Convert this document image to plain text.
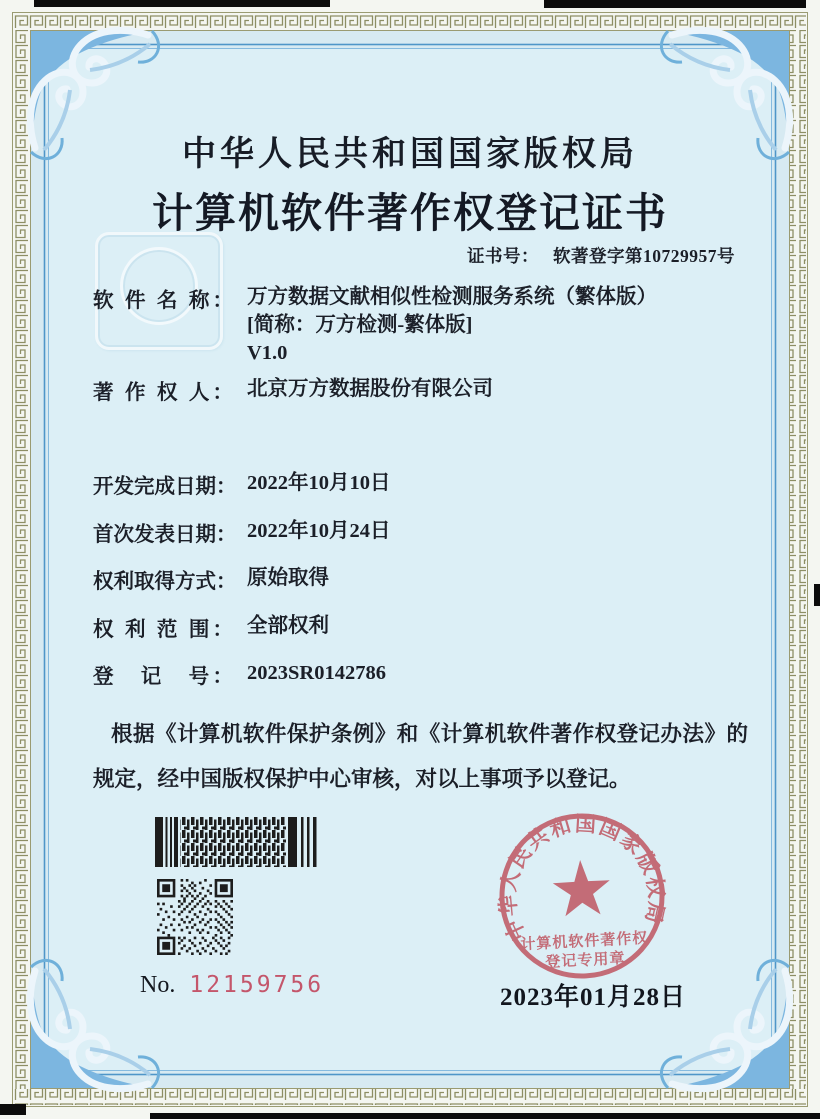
中华人民共和国国家版权局
计算机软件著作权登记证书
证书号： 软著登字第10729957号
软 件 名 称： 万方数据文献相似性检测服务系统（繁体版）
[简称：万方检测-繁体版]
V1.0
著 作 权 人： 北京万方数据股份有限公司
开发完成日期： 2022年10月10日
首次发表日期： 2022年10月24日
权利取得方式： 原始取得
权 利 范 围： 全部权利
登　记　号： 2023SR0142786

根据《计算机软件保护条例》和《计算机软件著作权登记办法》的规定，经中国版权保护中心审核，对以上事项予以登记。

No. 12159756
中华人民共和国国家版权局
计算机软件著作权
登记专用章
2023年01月28日
